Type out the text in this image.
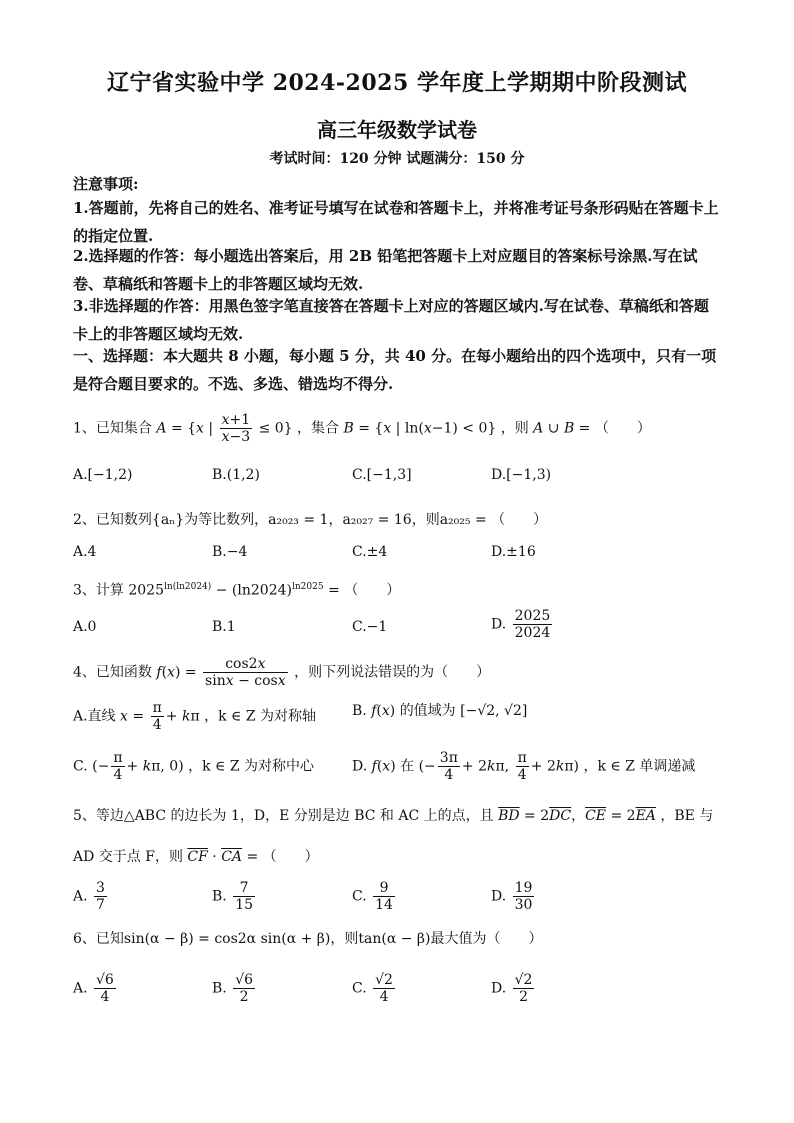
辽宁省实验中学 2024-2025 学年度上学期期中阶段测试
高三年级数学试卷
考试时间：120 分钟 试题满分：150 分
注意事项:
1.答题前，先将自己的姓名、准考证号填写在试卷和答题卡上，并将准考证号条形码贴在答题卡上的指定位置.
2.选择题的作答：每小题选出答案后，用 2B 铅笔把答题卡上对应题目的答案标号涂黑.写在试卷、草稿纸和答题卡上的非答题区域均无效.
3.非选择题的作答：用黑色签字笔直接答在答题卡上对应的答题区域内.写在试卷、草稿纸和答题卡上的非答题区域均无效.
一、选择题：本大题共 8 小题，每小题 5 分，共 40 分。在每小题给出的四个选项中，只有一项是符合题目要求的。不选、多选、错选均不得分.
1、已知集合 A = {x | $\frac{x+1}{x-3} \le 0$} ，集合 B = {x | ln(x−1) < 0} ，则 A ∪ B = （　　）
A.[−1,2)	B.(1,2)	C.[−1,3]	D.[−1,3)
2、已知数列{aₙ}为等比数列，a₂₀₂₃ = 1，a₂₀₂₇ = 16，则a₂₀₂₅ = （　　）
A.4	B.−4	C.±4	D.±16
3、计算 $2025^{ln(ln2024)} - (\ln 2024)^{ln2025}$ = （　　）
A.0	B.1	C.−1	D. $\frac{2025}{2024}$
4、已知函数 $f(x) = \frac{\cos 2x}{\sin x - \cos x}$ ，则下列说法错误的为（　　）
A.直线 $x = \frac{\pi}{4} + k\pi$ ，k ∈ Z 为对称轴	B. f(x) 的值域为 [−√2, √2]
C. (− $\frac{\pi}{4} + k\pi$, 0) ，k ∈ Z 为对称中心	D. f(x) 在 (− $\frac{3\pi}{4} + 2k\pi$, $\frac{\pi}{4} + 2k\pi$) ，k ∈ Z 单调递减
5、等边△ABC 的边长为 1，D，E 分别是边 BC 和 AC 上的点，且 $\overline{BD} = 2\overline{DC}$，$\overline{CE} = 2\overline{EA}$ ，BE 与
AD 交于点 F，则 $\overline{CF} \cdot \overline{CA}$ = （　　）
A. $\frac{3}{7}$	B. $\frac{7}{15}$	C. $\frac{9}{14}$	D. $\frac{19}{30}$
6、已知sin(α − β) = cos2α sin(α + β)，则tan(α − β)最大值为（　　）
A. $\frac{√6}{4}$	B. $\frac{√6}{2}$	C. $\frac{√2}{4}$	D. $\frac{√2}{2}$
